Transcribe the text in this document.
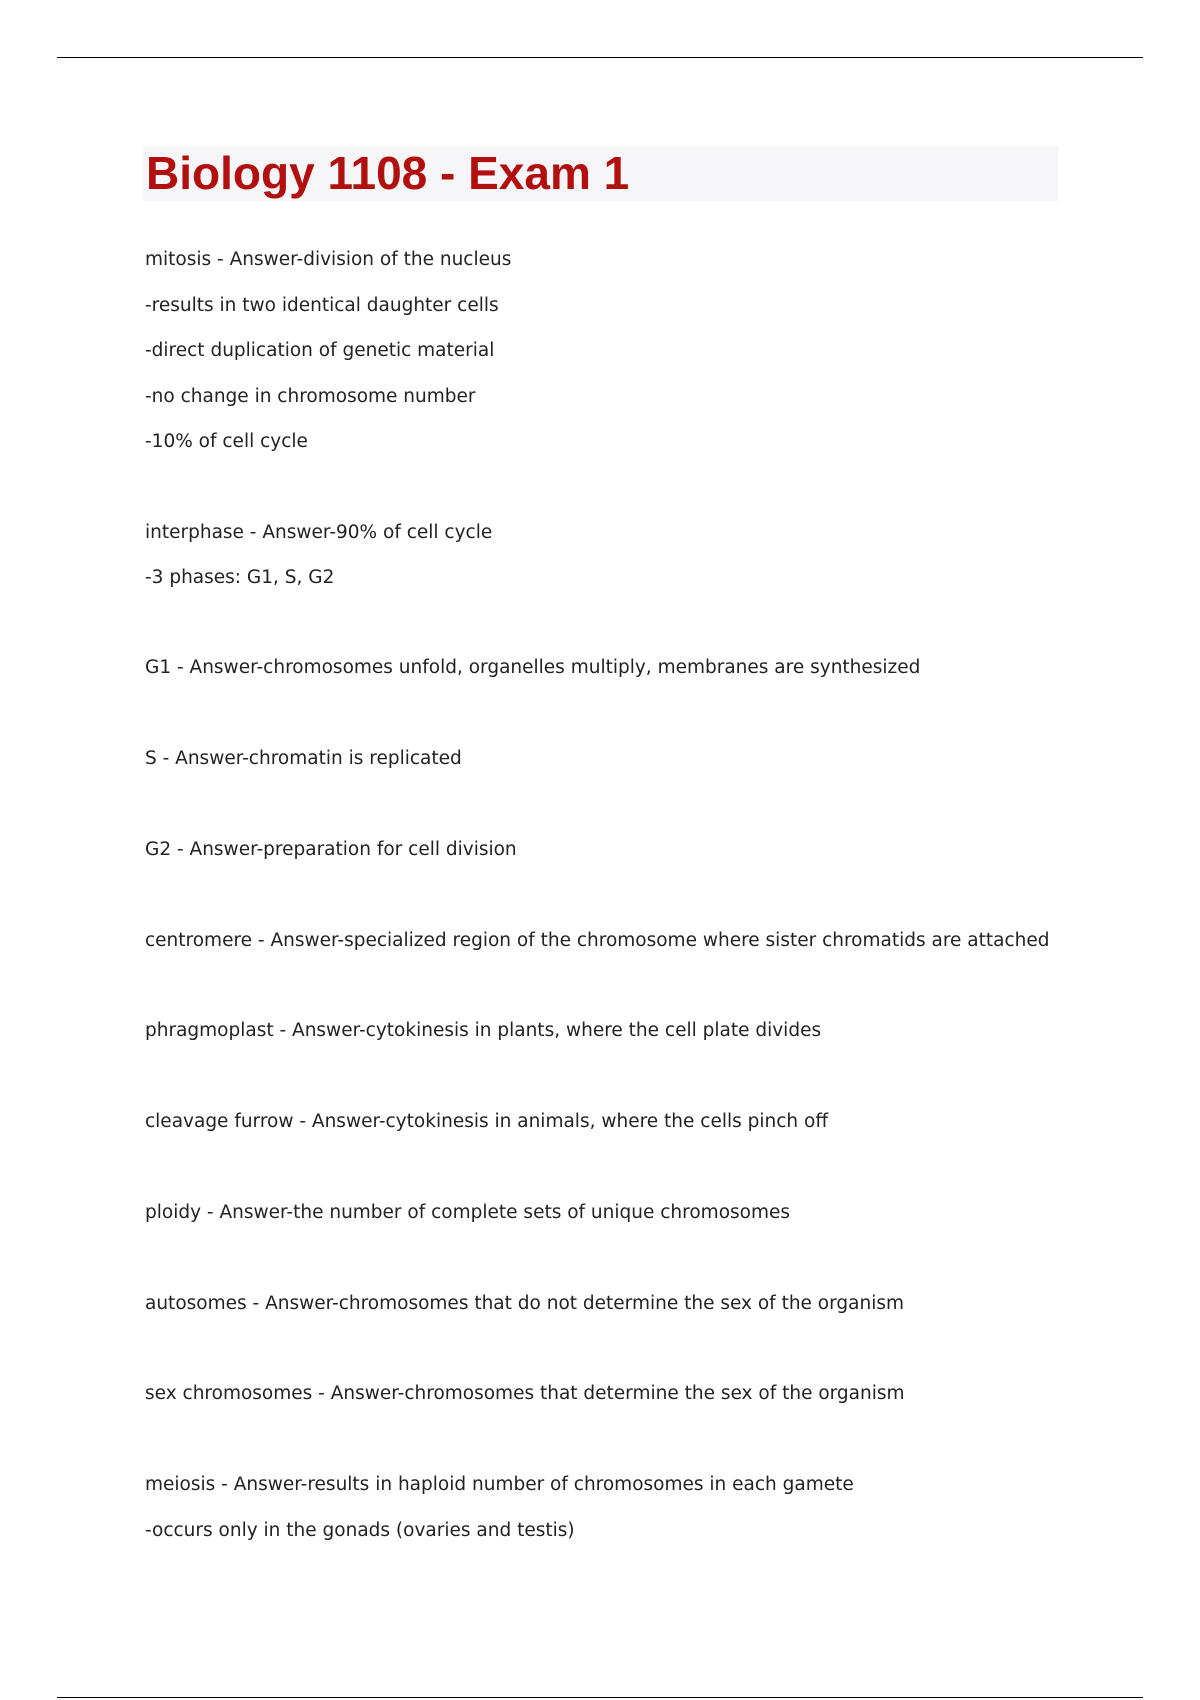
Biology 1108 - Exam 1

mitosis - Answer-division of the nucleus

-results in two identical daughter cells

-direct duplication of genetic material

-no change in chromosome number

-10% of cell cycle

interphase - Answer-90% of cell cycle

-3 phases: G1, S, G2

G1 - Answer-chromosomes unfold, organelles multiply, membranes are synthesized

S - Answer-chromatin is replicated

G2 - Answer-preparation for cell division

centromere - Answer-specialized region of the chromosome where sister chromatids are attached

phragmoplast - Answer-cytokinesis in plants, where the cell plate divides

cleavage furrow - Answer-cytokinesis in animals, where the cells pinch off

ploidy - Answer-the number of complete sets of unique chromosomes

autosomes - Answer-chromosomes that do not determine the sex of the organism

sex chromosomes - Answer-chromosomes that determine the sex of the organism

meiosis - Answer-results in haploid number of chromosomes in each gamete

-occurs only in the gonads (ovaries and testis)
